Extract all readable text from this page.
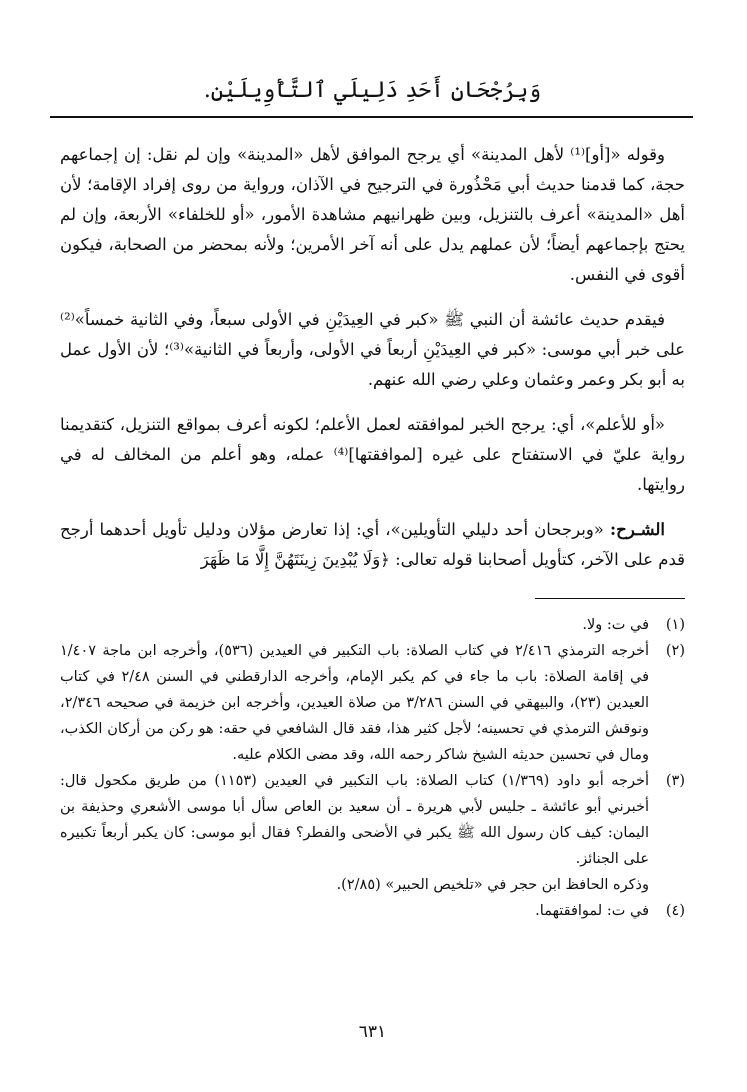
وَبِرُجْحَانِ أَحَدِ دَلِيلَي ٱلتَّأْوِيلَيْنِ.

وقوله «[أو]⁽¹⁾ لأهل المدينة» أي يرجح الموافق لأهل «المدينة» وإن لم نقل: إن إجماعهم حجة، كما قدمنا حديث أبي مَحْذُورة في الترجيح في الآذان، ورواية من روى إفراد الإقامة؛ لأن أهل «المدينة» أعرف بالتنزيل، وبين ظهرانيهم مشاهدة الأمور، «أو للخلفاء» الأربعة، وإن لم يحتج بإجماعهم أيضاً؛ لأن عملهم يدل على أنه آخر الأمرين؛ ولأنه بمحضر من الصحابة، فيكون أقوى في النفس.

فيقدم حديث عائشة أن النبي ﷺ «كبر في العِيدَيْنِ في الأولى سبعاً، وفي الثانية خمساً»⁽²⁾ على خبر أبي موسى: «كبر في العِيدَيْنِ أربعاً في الأولى، وأربعاً في الثانية»⁽³⁾؛ لأن الأول عمل به أبو بكر وعمر وعثمان وعلي رضي الله عنهم.

«أو للأعلم»، أي: يرجح الخبر لموافقته لعمل الأعلم؛ لكونه أعرف بمواقع التنزيل، كتقديمنا رواية عليّ في الاستفتاح على غيره [لموافقتها]⁽⁴⁾ عمله، وهو أعلم من المخالف له في روايتها.

الشـرح: «وبرجحان أحد دليلي التأويلين»، أي: إذا تعارض مؤلان ودليل تأويل أحدهما أرجح قدم على الآخر، كتأويل أصحابنا قوله تعالى: ﴿وَلَا يُبْدِينَ زِينَتَهُنَّ إِلَّا مَا ظَهَرَ

(١)
في ت: ولا.
(٢)
أخرجه الترمذي ٢/٤١٦ في كتاب الصلاة: باب التكبير في العيدين (٥٣٦)، وأخرجه ابن ماجة ١/٤٠٧ في إقامة الصلاة: باب ما جاء في كم يكبر الإمام، وأخرجه الدارقطني في السنن ٢/٤٨ في كتاب العيدين (٢٣)، والبيهقي في السنن ٣/٢٨٦ من صلاة العيدين، وأخرجه ابن خزيمة في صحيحه ٢/٣٤٦، ونوقش الترمذي في تحسينه؛ لأجل كثير هذا، فقد قال الشافعي في حقه: هو ركن من أركان الكذب، ومال في تحسين حديثه الشيخ شاكر رحمه الله، وقد مضى الكلام عليه.
(٣)
أخرجه أبو داود (١/٣٦٩) كتاب الصلاة: باب التكبير في العيدين (١١٥٣) من طريق مكحول قال: أخبرني أبو عائشة ـ جليس لأبي هريرة ـ أن سعيد بن العاص سأل أبا موسى الأشعري وحذيفة بن اليمان: كيف كان رسول الله ﷺ يكبر في الأضحى والفطر؟ فقال أبو موسى: كان يكبر أربعاً تكبيره على الجنائز.
وذكره الحافظ ابن حجر في «تلخيص الحبير» (٢/٨٥).
(٤)
في ت: لموافقتهما.
٦٣١
